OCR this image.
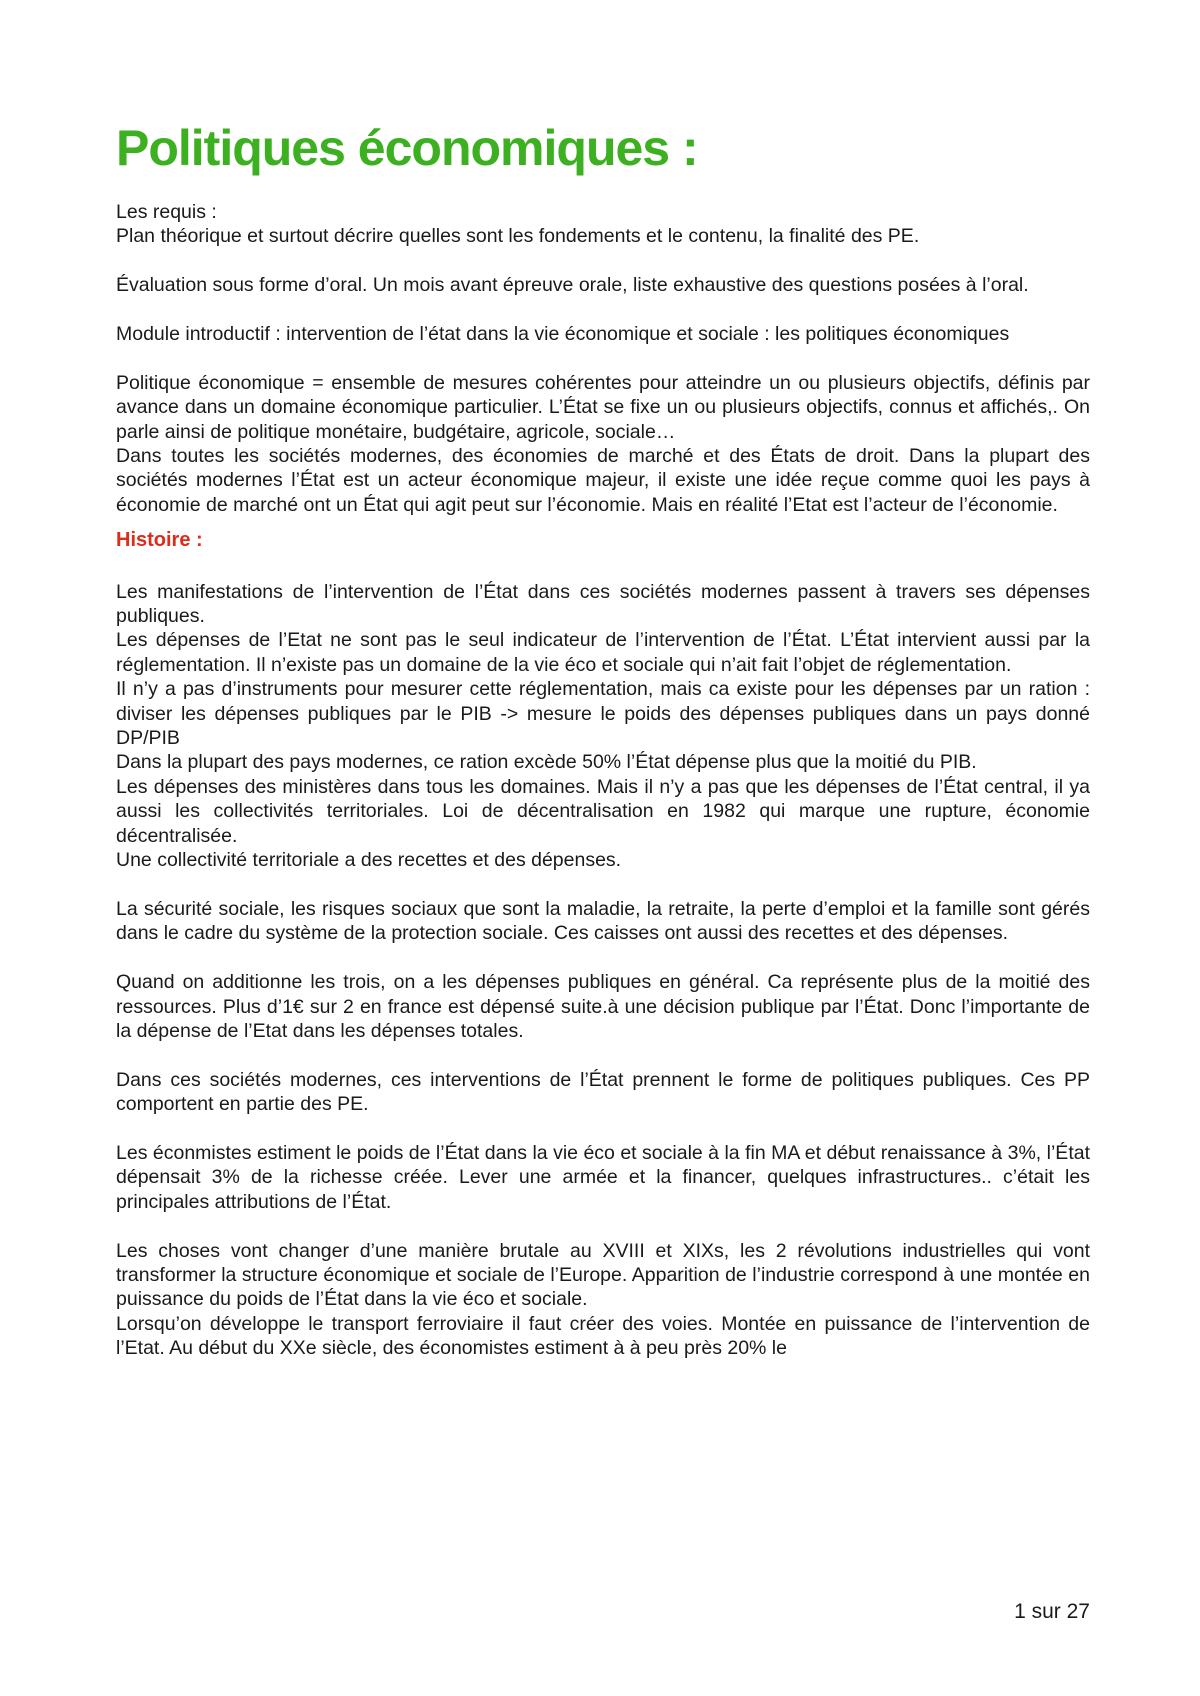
Politiques économiques :

Les requis :

Plan théorique et surtout décrire quelles sont les fondements et le contenu, la finalité des PE.

Évaluation sous forme d’oral. Un mois avant épreuve orale, liste exhaustive des questions posées à l’oral.

Module introductif : intervention de l’état dans la vie économique et sociale : les politiques économiques

Politique économique = ensemble de mesures cohérentes pour atteindre un ou plusieurs objectifs, définis par avance dans un domaine économique particulier. L’État se fixe un ou plusieurs objectifs, connus et affichés,. On parle ainsi de politique monétaire, budgétaire, agricole, sociale…

Dans toutes les sociétés modernes, des économies de marché et des États de droit. Dans la plupart des sociétés modernes l’État est un acteur économique majeur, il existe une idée reçue comme quoi les pays à économie de marché ont un État qui agit peut sur l’économie. Mais en réalité l’Etat est l’acteur de l’économie.

Histoire :

Les manifestations de l’intervention de l’État dans ces sociétés modernes passent à travers ses dépenses publiques.

Les dépenses de l’Etat ne sont pas le seul indicateur de l’intervention de l’État. L’État intervient aussi par la réglementation. Il n’existe pas un domaine de la vie éco et sociale qui n’ait fait l’objet de réglementation.

Il n’y a pas d’instruments pour mesurer cette réglementation, mais ca existe pour les dépenses par un ration : diviser les dépenses publiques par le PIB -> mesure le poids des dépenses publiques dans un pays donné DP/PIB

Dans la plupart des pays modernes, ce ration excède 50% l’État dépense plus que la moitié du PIB.

Les dépenses des ministères dans tous les domaines. Mais il n’y a pas que les dépenses de l’État central, il ya aussi les collectivités territoriales. Loi de décentralisation en 1982 qui marque une rupture, économie décentralisée.

Une collectivité territoriale a des recettes et des dépenses.

La sécurité sociale, les risques sociaux que sont la maladie, la retraite, la perte d’emploi et la famille sont gérés dans le cadre du système de la protection sociale. Ces caisses ont aussi des recettes et des dépenses.

Quand on additionne les trois, on a les dépenses publiques en général. Ca représente plus de la moitié des ressources. Plus d’1€ sur 2 en france est dépensé suite.à une décision publique par l’État. Donc l’importante de la dépense de l’Etat dans les dépenses totales.

Dans ces sociétés modernes, ces interventions de l’État prennent le forme de politiques publiques. Ces PP comportent en partie des PE.

Les éconmistes estiment le poids de l’État dans la vie éco et sociale à la fin MA et début renaissance à 3%, l’État dépensait 3% de la richesse créée. Lever une armée et la financer, quelques infrastructures.. c’était les principales attributions de l’État.

Les choses vont changer d’une manière brutale au XVIII et XIXs, les 2 révolutions industrielles qui vont transformer la structure économique et sociale de l’Europe. Apparition de l’industrie correspond à une montée en puissance du poids de l’État dans la vie éco et sociale.

Lorsqu’on développe le transport ferroviaire il faut créer des voies. Montée en puissance de l’intervention de l’Etat. Au début du XXe siècle, des économistes estiment à à peu près 20% le

1 sur 27
